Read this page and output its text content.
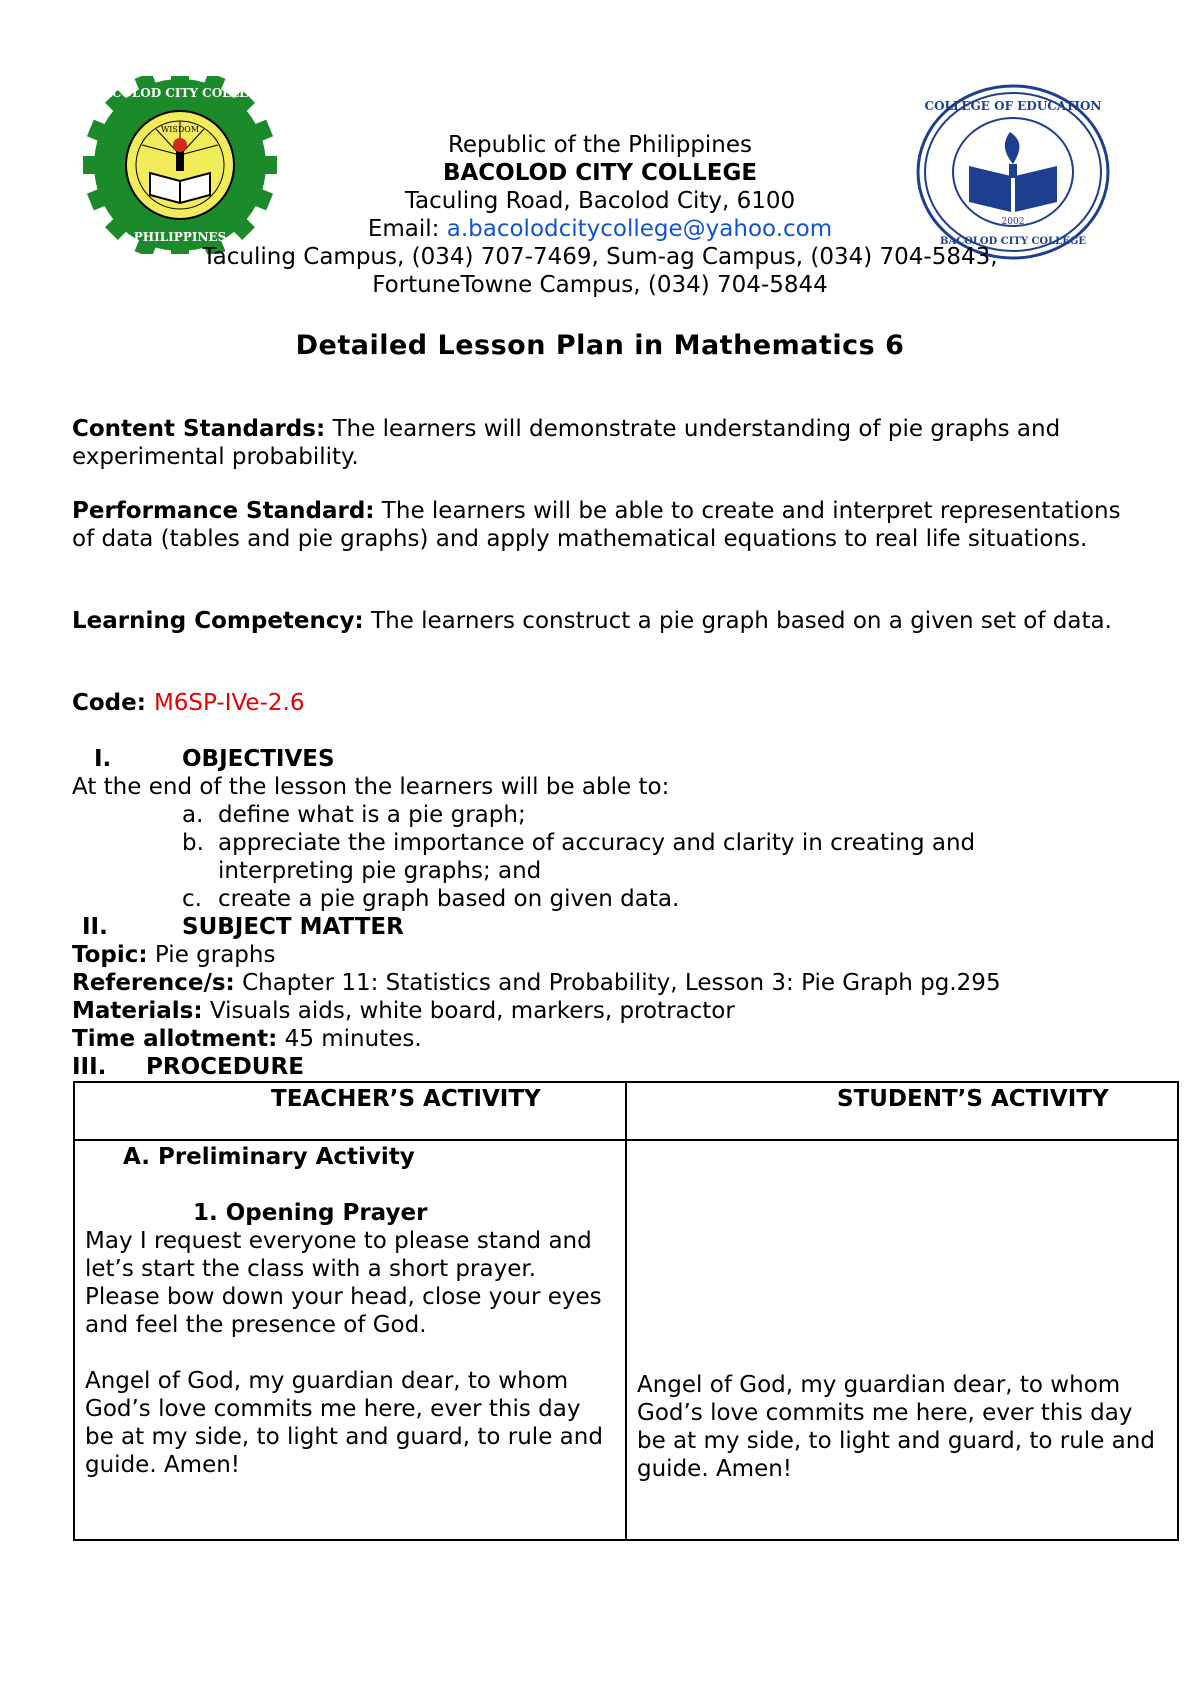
BACOLOD CITY COLLEGE
PHILIPPINES
WISDOM
COLLEGE OF EDUCATION
BACOLOD CITY COLLEGE
2002
Republic of the Philippines
BACOLOD CITY COLLEGE
Taculing Road, Bacolod City, 6100
Email: a.bacolodcitycollege@yahoo.com
Taculing Campus, (034) 707-7469, Sum-ag Campus, (034) 704-5843,
FortuneTowne Campus, (034) 704-5844
Detailed Lesson Plan in Mathematics 6
Content Standards: The learners will demonstrate understanding of pie graphs and experimental probability.
Performance Standard: The learners will be able to create and interpret representations of data (tables and pie graphs) and apply mathematical equations to real life situations.
Learning Competency: The learners construct a pie graph based on a given set of data.
Code: M6SP-IVe-2.6
I.	OBJECTIVES
At the end of the lesson the learners will be able to:
a. define what is a pie graph;
b. appreciate the importance of accuracy and clarity in creating and interpreting pie graphs; and
c. create a pie graph based on given data.
II.	SUBJECT MATTER
Topic: Pie graphs
Reference/s: Chapter 11: Statistics and Probability, Lesson 3: Pie Graph pg.295
Materials: Visuals aids, white board, markers, protractor
Time allotment: 45 minutes.
III. PROCEDURE
TEACHER’S ACTIVITY	STUDENT’S ACTIVITY

A. Preliminary Activity
1. Opening Prayer
May I request everyone to please stand and let’s start the class with a short prayer. Please bow down your head, close your eyes and feel the presence of God.
Angel of God, my guardian dear, to whom God’s love commits me here, ever this day be at my side, to light and guard, to rule and guide. Amen!	Angel of God, my guardian dear, to whom God’s love commits me here, ever this day be at my side, to light and guard, to rule and guide. Amen!
